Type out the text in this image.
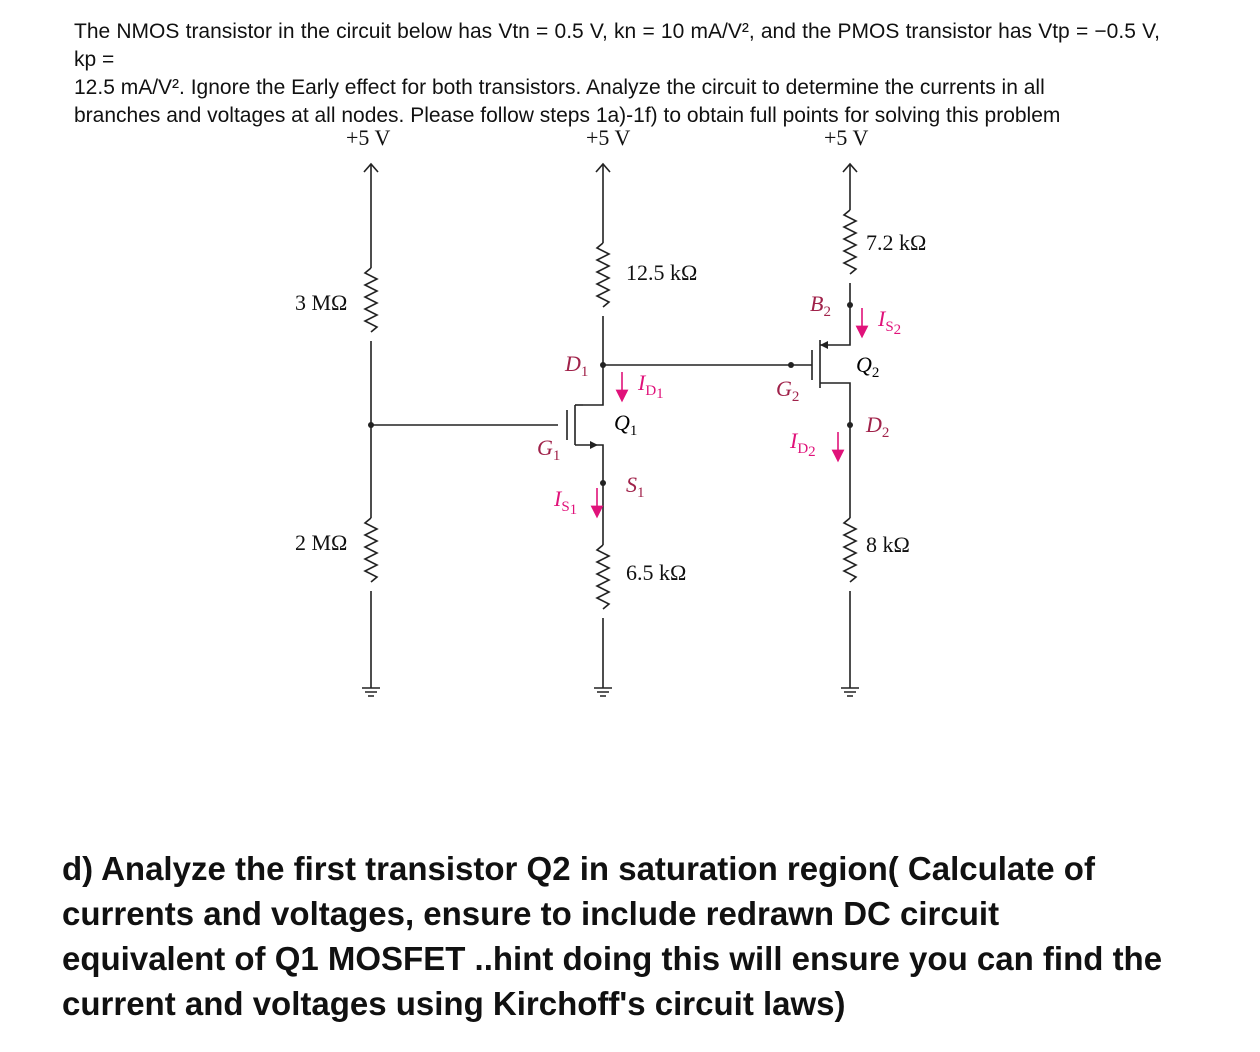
The NMOS transistor in the circuit below has Vtn = 0.5 V, kn = 10 mA/V², and the PMOS transistor has Vtp = −0.5 V, kp =
12.5 mA/V². Ignore the Early effect for both transistors. Analyze the circuit to determine the currents in all
branches and voltages at all nodes. Please follow steps 1a)-1f) to obtain full points for solving this problem
+5 V	+5 V	+5 V
3 MΩ
2 MΩ
12.5 kΩ
6.5 kΩ
7.2 kΩ
8 kΩ
$D_1$
$G_1$
$S_1$
$B_2$
$G_2$
$D_2$
$Q_1$
$Q_2$
$I_D1$
$I_S1$
$I_S2$
$I_D2$
d) Analyze the first transistor Q2 in saturation region( Calculate of
currents and voltages, ensure to include redrawn DC circuit
equivalent of Q1 MOSFET ..hint doing this will ensure you can find the
current and voltages using Kirchoff's circuit laws)
